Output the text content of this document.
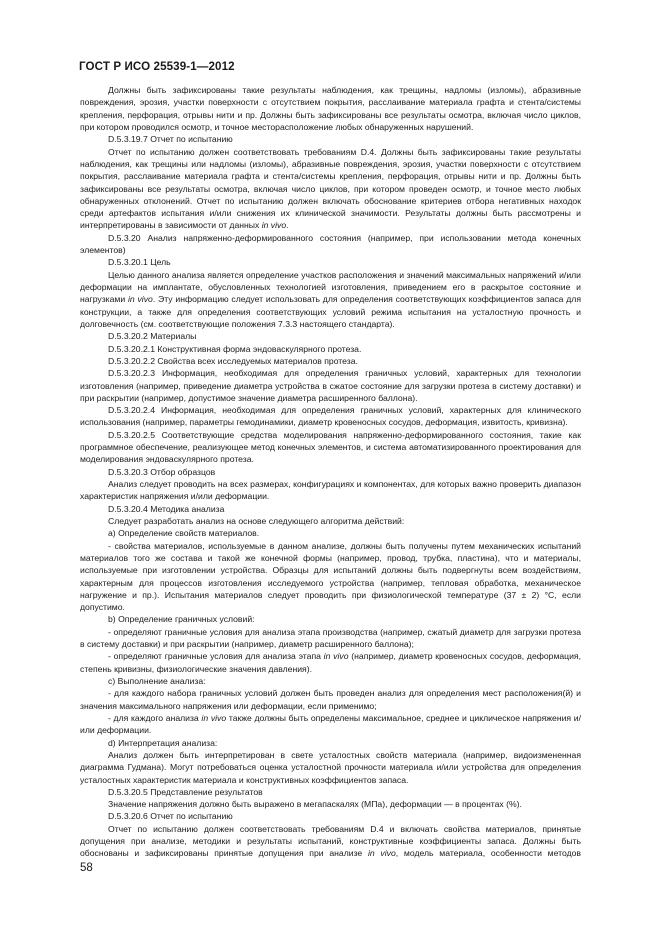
ГОСТ Р ИСО 25539-1—2012

Должны быть зафиксированы такие результаты наблюдения, как трещины, надломы (изломы), абразивные повреждения, эрозия, участки поверхности с отсутствием покрытия, расслаивание материала графта и стента/системы крепления, перфорация, отрывы нити и пр. Должны быть зафиксированы все результаты осмотра, включая число циклов, при котором проводился осмотр, и точное месторасположение любых обнаруженных нарушений.

D.5.3.19.7 Отчет по испытанию

Отчет по испытанию должен соответствовать требованиям D.4. Должны быть зафиксированы такие результаты наблюдения, как трещины или надломы (изломы), абразивные повреждения, эрозия, участки поверхности с отсутствием покрытия, расслаивание материала графта и стента/системы крепления, перфорация, отрывы нити и пр. Должны быть зафиксированы все результаты осмотра, включая число циклов, при котором проведен осмотр, и точное место любых обнаруженных отклонений. Отчет по испытанию должен включать обоснование критериев отбора негативных находок среди артефактов испытания и/или снижения их клинической значимости. Результаты должны быть рассмотрены и интерпретированы в зависимости от данных in vivo.

D.5.3.20 Анализ напряженно-деформированного состояния (например, при использовании метода конечных элементов)

D.5.3.20.1 Цель

Целью данного анализа является определение участков расположения и значений максимальных напряжений и/или деформации на имплантате, обусловленных технологией изготовления, приведением его в раскрытое состояние и нагрузками in vivo. Эту информацию следует использовать для определения соответствующих коэффициентов запаса для конструкции, а также для определения соответствующих условий режима испытания на усталостную прочность и долговечность (см. соответствующие положения 7.3.3 настоящего стандарта).

D.5.3.20.2 Материалы

D.5.3.20.2.1 Конструктивная форма эндоваскулярного протеза.

D.5.3.20.2.2 Свойства всех исследуемых материалов протеза.

D.5.3.20.2.3 Информация, необходимая для определения граничных условий, характерных для технологии изготовления (например, приведение диаметра устройства в сжатое состояние для загрузки протеза в систему доставки) и при раскрытии (например, допустимое значение диаметра расширенного баллона).

D.5.3.20.2.4 Информация, необходимая для определения граничных условий, характерных для клинического использования (например, параметры гемодинамики, диаметр кровеносных сосудов, деформация, извитость, кривизна).

D.5.3.20.2.5 Соответствующие средства моделирования напряженно-деформированного состояния, такие как программное обеспечение, реализующее метод конечных элементов, и система автоматизированного проектирования для моделирования эндоваскулярного протеза.

D.5.3.20.3 Отбор образцов

Анализ следует проводить на всех размерах, конфигурациях и компонентах, для которых важно проверить диапазон характеристик напряжения и/или деформации.

D.5.3.20.4 Методика анализа

Следует разработать анализ на основе следующего алгоритма действий:

a) Определение свойств материалов.

- свойства материалов, используемые в данном анализе, должны быть получены путем механических испытаний материалов того же состава и такой же конечной формы (например, провод, трубка, пластина), что и материалы, используемые при изготовлении устройства. Образцы для испытаний должны быть подвергнуты всем воздействиям, характерным для процессов изготовления исследуемого устройства (например, тепловая обработка, механическое нагружение и пр.). Испытания материалов следует проводить при физиологической температуре (37 ± 2) °С, если допустимо.

b) Определение граничных условий:

- определяют граничные условия для анализа этапа производства (например, сжатый диаметр для загрузки протеза в систему доставки) и при раскрытии (например, диаметр расширенного баллона);

- определяют граничные условия для анализа этапа in vivo (например, диаметр кровеносных сосудов, деформация, степень кривизны, физиологические значения давления).

c) Выполнение анализа:

- для каждого набора граничных условий должен быть проведен анализ для определения мест расположения(й) и значения максимального напряжения или деформации, если применимо;

- для каждого анализа in vivo также должны быть определены максимальное, среднее и циклическое напряжения и/или деформации.

d) Интерпретация анализа:

Анализ должен быть интерпретирован в свете усталостных свойств материала (например, видоизмененная диаграмма Гудмана). Могут потребоваться оценка усталостной прочности материала и/или устройства для определения усталостных характеристик материала и конструктивных коэффициентов запаса.

D.5.3.20.5 Представление результатов

Значение напряжения должно быть выражено в мегапаскалях (МПа), деформации — в процентах (%).

D.5.3.20.6 Отчет по испытанию

Отчет по испытанию должен соответствовать требованиям D.4 и включать свойства материалов, принятые допущения при анализе, методики и результаты испытаний, конструктивные коэффициенты запаса. Должны быть обоснованы и зафиксированы принятые допущения при анализе in vivo, модель материала, особенности методов

58
